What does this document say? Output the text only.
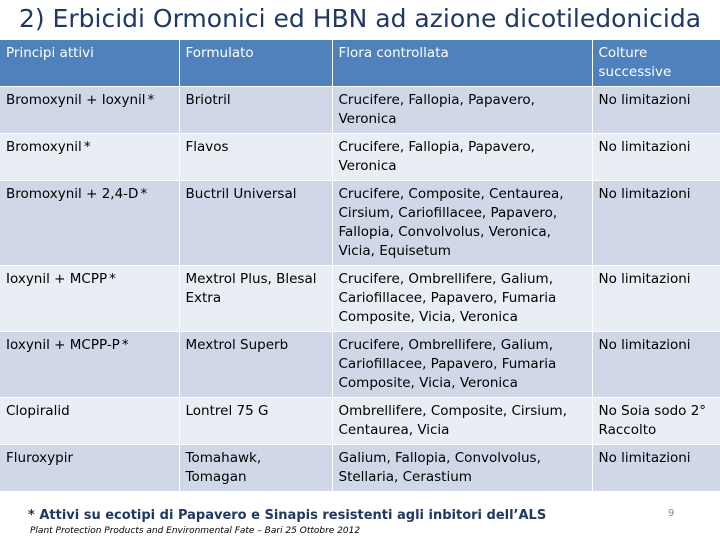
2) Erbicidi Ormonici ed HBN ad azione dicotiledonicida
Principi attivi	Formulato	Flora controllata	Colture successive
Bromoxynil + Ioxynil *	Briotril	Crucifere, Fallopia, Papavero, Veronica	No limitazioni
Bromoxynil *	Flavos	Crucifere, Fallopia, Papavero, Veronica	No limitazioni
Bromoxynil + 2,4-D *	Buctril Universal	Crucifere, Composite, Centaurea, Cirsium, Cariofillacee, Papavero, Fallopia, Convolvolus, Veronica, Vicia, Equisetum	No limitazioni
Ioxynil + MCPP *	Mextrol Plus, Blesal Extra	Crucifere, Ombrellifere, Galium, Cariofillacee, Papavero, Fumaria Composite, Vicia, Veronica	No limitazioni
Ioxynil + MCPP-P *	Mextrol Superb	Crucifere, Ombrellifere, Galium, Cariofillacee, Papavero, Fumaria Composite, Vicia, Veronica	No limitazioni
Clopiralid	Lontrel 75 G	Ombrellifere, Composite, Cirsium, Centaurea, Vicia	No Soia sodo 2° Raccolto
Fluroxypir	Tomahawk, Tomagan	Galium, Fallopia, Convolvolus, Stellaria, Cerastium	No limitazioni
* Attivi su ecotipi di Papavero e Sinapis resistenti agli inbitori dell’ALS
Plant Protection Products and Environmental Fate – Bari 25 Ottobre 2012
9
